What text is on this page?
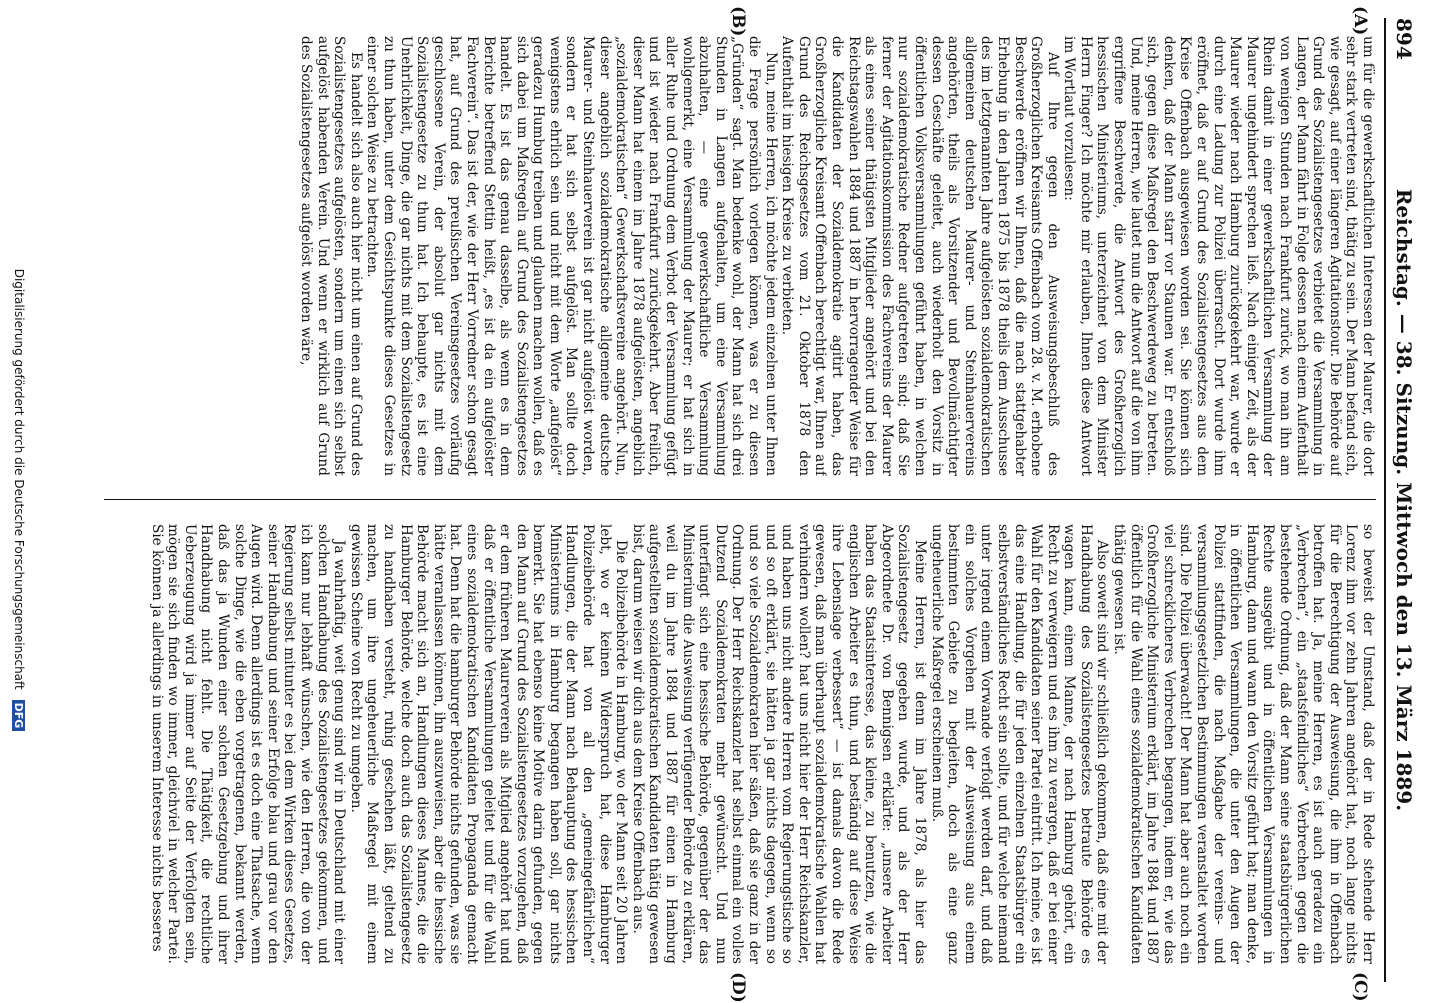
894
Reichstag. — 38. Sitzung. Mittwoch den 13. März 1889.
(A)
(B)
(C)
(D)

um für die gewerkschaftlichen Interessen der Maurer, die dort sehr stark vertreten sind, thätig zu sein. Der Mann befand sich, wie gesagt, auf einer längeren Agitationstour. Die Behörde auf Grund des Sozialistengesetzes verbietet die Versammlung in Langen, der Mann fährt in Folge dessen nach einem Aufenthalt von wenigen Stunden nach Frankfurt zurück, wo man ihn am Rhein damit in einer gewerkschaftlichen Versammlung der Maurer ungehindert sprechen ließ. Nach einiger Zeit, als der Maurer wieder nach Hamburg zurückgekehrt war, wurde er durch eine Ladung zur Polizei überrascht. Dort wurde ihm eröffnet, daß er auf Grund des Sozialistengesetzes aus dem Kreise Offenbach ausgewiesen worden sei. Sie können sich denken, daß der Mann starr vor Staunen war. Er entschloß sich, gegen diese Maßregel den Beschwerdeweg zu betreten. Und, meine Herren, wie lautet nun die Antwort auf die von ihm ergriffene Beschwerde, die Antwort des Großherzoglich hessischen Ministeriums, unterzeichnet von dem Minister Herrn Finger? Ich möchte mir erlauben, Ihnen diese Antwort im Wortlaut vorzulesen:

Auf Ihre gegen den Ausweisungsbeschluß des Großherzoglichen Kreisamts Offenbach vom 28. v. M. erhobene Beschwerde eröffnen wir Ihnen, daß die nach stattgehabter Erhebung in den Jahren 1875 bis 1878 theils dem Ausschusse des im letztgenannten Jahre aufgelösten sozialdemokratischen allgemeinen deutschen Maurer- und Steinhauervereins angehörten, theils als Vorsitzender und Bevollmächtigter dessen Geschäfte geleitet, auch wiederholt den Vorsitz in öffentlichen Volksversammlungen geführt haben, in welchen nur sozialdemokratische Redner aufgetreten sind; daß Sie ferner der Agitationskommission des Fachvereins der Maurer als eines seiner thätigsten Mitglieder angehört und bei den Reichstagswahlen 1884 und 1887 in hervorragender Weise für die Kandidaten der Sozialdemokratie agitirt haben, das Großherzogliche Kreisamt Offenbach berechtigt war, Ihnen auf Grund des Reichsgesetzes vom 21. Oktober 1878 den Aufenthalt im hiesigen Kreise zu verbieten.

Nun, meine Herren, ich möchte jedem einzelnen unter Ihnen die Frage persönlich vorlegen können, was er zu diesen „Gründen“ sagt. Man bedenke wohl, der Mann hat sich drei Stunden in Langen aufgehalten, um eine Versammlung abzuhalten, — eine gewerkschaftliche Versammlung wohlgemerkt, eine Versammlung der Maurer; er hat sich in aller Ruhe und Ordnung dem Verbot der Versammlung gefügt und ist wieder nach Frankfurt zurückgekehrt. Aber freilich, dieser Mann hat einem im Jahre 1878 aufgelösten, angeblich „sozialdemokratischen“ Gewerkschaftsvereine angehört. Nun, dieser angeblich sozialdemokratische allgemeine deutsche Maurer- und Steinhauerverein ist gar nicht aufgelöst worden, sondern er hat sich selbst aufgelöst. Man sollte doch wenigstens ehrlich sein und nicht mit dem Worte „aufgelöst“ geradezu Humbug treiben und glauben machen wollen, daß es sich dabei um Maßregeln auf Grund des Sozialistengesetzes handelt. Es ist das genau dasselbe, als wenn es in dem Berichte betreffend Stettin heißt, „es ist da ein aufgelöster Fachverein“. Das ist der, wie der Herr Vorredner schon gesagt hat, auf Grund des preußischen Vereinsgesetzes vorläufig geschlossene Verein, der absolut gar nichts mit dem Sozialistengesetze zu thun hat. Ich behaupte, es ist eine Unehrlichkeit, Dinge, die gar nichts mit dem Sozialistengesetz zu thun haben, unter dem Gesichtspunkte dieses Gesetzes in einer solchen Weise zu betrachten.

Es handelt sich also auch hier nicht um einen auf Grund des Sozialistengesetzes aufgelösten, sondern um einen sich selbst aufgelöst habenden Verein. Und wenn er wirklich auf Grund des Sozialistengesetzes aufgelöst worden wäre,

so beweist der Umstand, daß der in Rede stehende Herr Lorenz ihm vor zehn Jahren angehört hat, noch lange nichts für die Berechtigung der Ausweisung, die ihm in Offenbach betroffen hat. Ja, meine Herren, es ist auch geradezu ein „Verbrechen“, ein „staatsfeindliches“ Verbrechen gegen die bestehende Ordnung, daß der Mann seine staatsbürgerlichen Rechte ausgeübt und in öffentlichen Versammlungen in Hamburg, dann und wann den Vorsitz geführt hat; man denke, in öffentlichen Versammlungen, die unter den Augen der Polizei stattfinden, die nach Maßgabe der vereins- und versammlungsgesetzlichen Bestimmungen veranstaltet worden sind. Die Polizei überwacht! Der Mann hat aber auch noch ein viel schrecklicheres Verbrechen begangen, indem er, wie das Großherzogliche Ministerium erklärt, im Jahre 1884 und 1887 öffentlich für die Wahl eines sozialdemokratischen Kandidaten thätig gewesen ist.

Also soweit sind wir schließlich gekommen, daß eine mit der Handhabung des Sozialistengesetzes betraute Behörde es wagen kann, einem Manne, der nach Hamburg gehört, ein Recht zu verweigern und es ihm zu verargen, daß er bei einer Wahl für den Kandidaten seiner Partei eintritt. Ich meine, es ist das eine Handlung, die für jeden einzelnen Staatsbürger ein selbstverständliches Recht sein sollte, und für welche niemand unter irgend einem Vorwande verfolgt werden darf, und daß ein solches Vorgehen mit der Ausweisung aus einem bestimmten Gebiete zu begleiten, doch als eine ganz ungeheuerliche Maßregel erscheinen muß.

Meine Herren, ist denn im Jahre 1878, als hier das Sozialistengesetz gegeben wurde, und als der Herr Abgeordnete Dr. von Bennigsen erklärte: „unsere Arbeiter haben das Staatsinteresse, das kleine, zu benutzen, wie die englischen Arbeiter es thun, und beständig auf diese Weise ihre Lebenslage verbessert“ — ist damals davon die Rede gewesen, daß man überhaupt sozialdemokratische Wahlen hat verhindern wollen? hat uns nicht hier der Herr Reichskanzler, und haben uns nicht andere Herren vom Regierungstische so und so oft erklärt, sie hätten ja gar nichts dagegen, wenn so und so viele Sozialdemokraten hier säßen, daß sie ganz in der Ordnung. Der Herr Reichskanzler hat selbst einmal ein volles Dutzend Sozialdemokraten mehr gewünscht. Und nun unterfängt sich eine hessische Behörde, gegenüber der das Ministerium die Ausweisung verfügender Behörde zu erklären, weil du im Jahre 1884 und 1887 für einen in Hamburg aufgestellten sozialdemokratischen Kandidaten thätig gewesen bist, darum weisen wir dich aus dem Kreise Offenbach aus.

Die Polizeibehörde in Hamburg, wo der Mann seit 20 Jahren lebt, wo er keinen Widerspruch hat, diese Hamburger Polizeibehörde hat von all den „gemeingefährlichen“ Handlungen, die der Mann nach Behauptung des hessischen Ministeriums in Hamburg begangen haben soll, gar nichts bemerkt. Sie hat ebenso keine Motive darin gefunden, gegen den Mann auf Grund des Sozialistengesetzes vorzugehen, daß er dem früheren Maurerverein als Mitglied angehört hat und daß er öffentliche Versammlungen geleitet und für die Wahl eines sozialdemokratischen Kandidaten Propaganda gemacht hat. Denn hat die hamburger Behörde nichts gefunden, was sie hätte veranlassen können, ihn auszuweisen, aber die hessische Behörde macht sich an, Handlungen dieses Mannes, die die Hamburger Behörde, welche doch auch das Sozialistengesetz zu handhaben versteht, ruhig geschehen läßt, geltend zu machen, um ihre ungeheuerliche Maßregel mit einem gewissen Scheine von Recht zu umgeben.

Ja wahrhaftig, weit genug sind wir in Deutschland mit einer solchen Handhabung des Sozialistengesetzes gekommen, und ich kann nur lebhaft wünschen, wie den Herren, die von der Regierung selbst mitunter es bei dem Wirken dieses Gesetzes, seiner Handhabung und seiner Erfolge blau und grau vor den Augen wird. Denn allerdings ist es doch eine Thatsache, wenn solche Dinge, wie die eben vorgetragenen, bekannt werden, daß das ja Wunden einer solchen Gesetzgebung und ihrer Handhabung nicht fehlt. Die Thätigkeit, die rechtliche Ueberzeugung wird ja immer auf Seite der Verfolgten sein, mögen sie sich finden wo immer, gleichviel in welcher Partei. Sie können ja allerdings in unserem Interesse nichts besseres

Digitalisierung gefördert durch die Deutsche Forschungsgemeinschaft DFG
